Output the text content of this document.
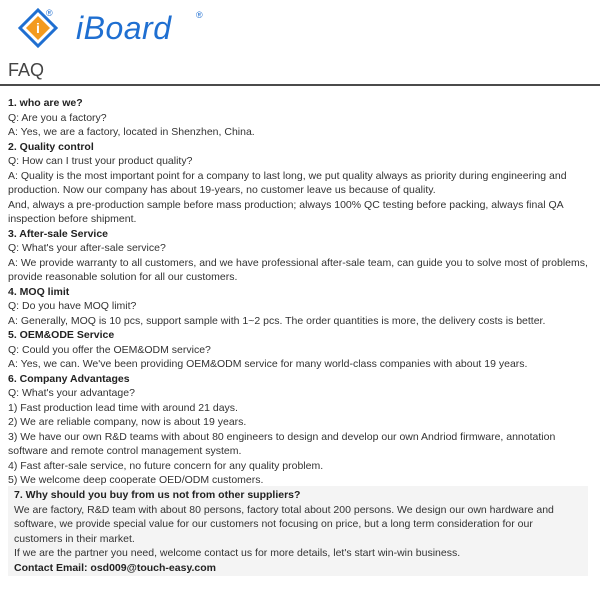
i
® iBoard	®
FAQ

1. who are we?

Q: Are you a factory?

A: Yes, we are a factory, located in Shenzhen, China.

2. Quality control

Q: How can I trust your product quality?

A: Quality is the most important point for a company to last long, we put quality always as priority during engineering and production. Now our company has about 19-years, no customer leave us because of quality.

And, always a pre-production sample before mass production; always 100% QC testing before packing, always final QA inspection before shipment.

3. After-sale Service

Q: What's your after-sale service?

A: We provide warranty to all customers, and we have professional after-sale team, can guide you to solve most of problems, provide reasonable solution for all our customers.

4. MOQ limit

Q: Do you have MOQ limit?

A: Generally, MOQ is 10 pcs, support sample with 1~2 pcs. The order quantities is more, the delivery costs is better.

5. OEM&ODE Service

Q: Could you offer the OEM&ODM service?

A: Yes, we can. We've been providing OEM&ODM service for many world-class companies with about 19 years.

6. Company Advantages

Q: What's your advantage?

1) Fast production lead time with around 21 days.

2) We are reliable company, now is about 19 years.

3) We have our own R&D teams with about 80 engineers to design and develop our own Andriod firmware, annotation software and remote control management system.

4) Fast after-sale service, no future concern for any quality problem.

5) We welcome deep cooperate OED/ODM customers.

7. Why should you buy from us not from other suppliers?

We are factory, R&D team with about 80 persons, factory total about 200 persons. We design our own hardware and software, we provide special value for our customers not focusing on price, but a long term consideration for our customers in their market.

If we are the partner you need, welcome contact us for more details, let's start win-win business.

Contact Email: osd009@touch-easy.com
